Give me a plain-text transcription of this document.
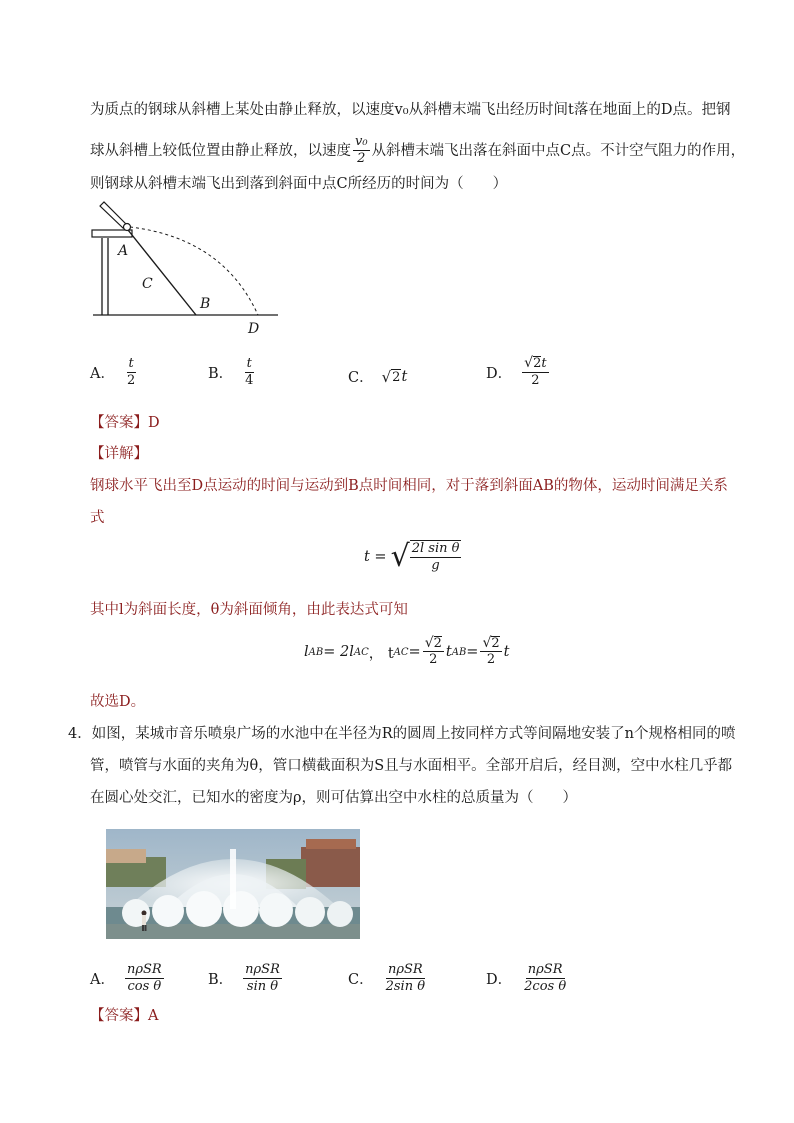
为质点的钢球从斜槽上某处由静止释放，以速度v₀从斜槽末端飞出经历时间t落在地面上的D点。把钢
球从斜槽上较低位置由静止释放，以速度 $\frac{\text{v₀}}{2}$ 从斜槽末端飞出落在斜面中点C点。不计空气阻力的作用，
则钢球从斜槽末端飞出到落到斜面中点C所经历的时间为（　　）
A
C
B
D
A． $\frac{t}{2}$	B． $\frac{t}{4}$	C． √ 2 t	D． $\frac{√ 2 t}{2}$
【答案】D
【详解】
钢球水平飞出至D点运动的时间与运动到B点时间相同，对于落到斜面AB的物体，运动时间满足关系
式
t = √ $\frac{\text{2l sin θ}}{g}$
其中l为斜面长度，θ为斜面倾角，由此表达式可知
l AB = 2l AC ， t AC = $\frac{√ 2}{2}$ t AB = $\frac{√ 2}{2}$ t
故选D。
4．如图，某城市音乐喷泉广场的水池中在半径为R的圆周上按同样方式等间隔地安装了n个规格相同的喷
管，喷管与水面的夹角为θ，管口横截面积为S且与水面相平。全部开启后，经目测，空中水柱几乎都
在圆心处交汇，已知水的密度为ρ，则可估算出空中水柱的总质量为（　　）
A． $\frac{\text{nρSR}}{\text{cos θ}}$	B． $\frac{\text{nρSR}}{\text{sin θ}}$	C． $\frac{\text{nρSR}}{\text{2sin θ}}$	D． $\frac{\text{nρSR}}{\text{2cos θ}}$
【答案】A
